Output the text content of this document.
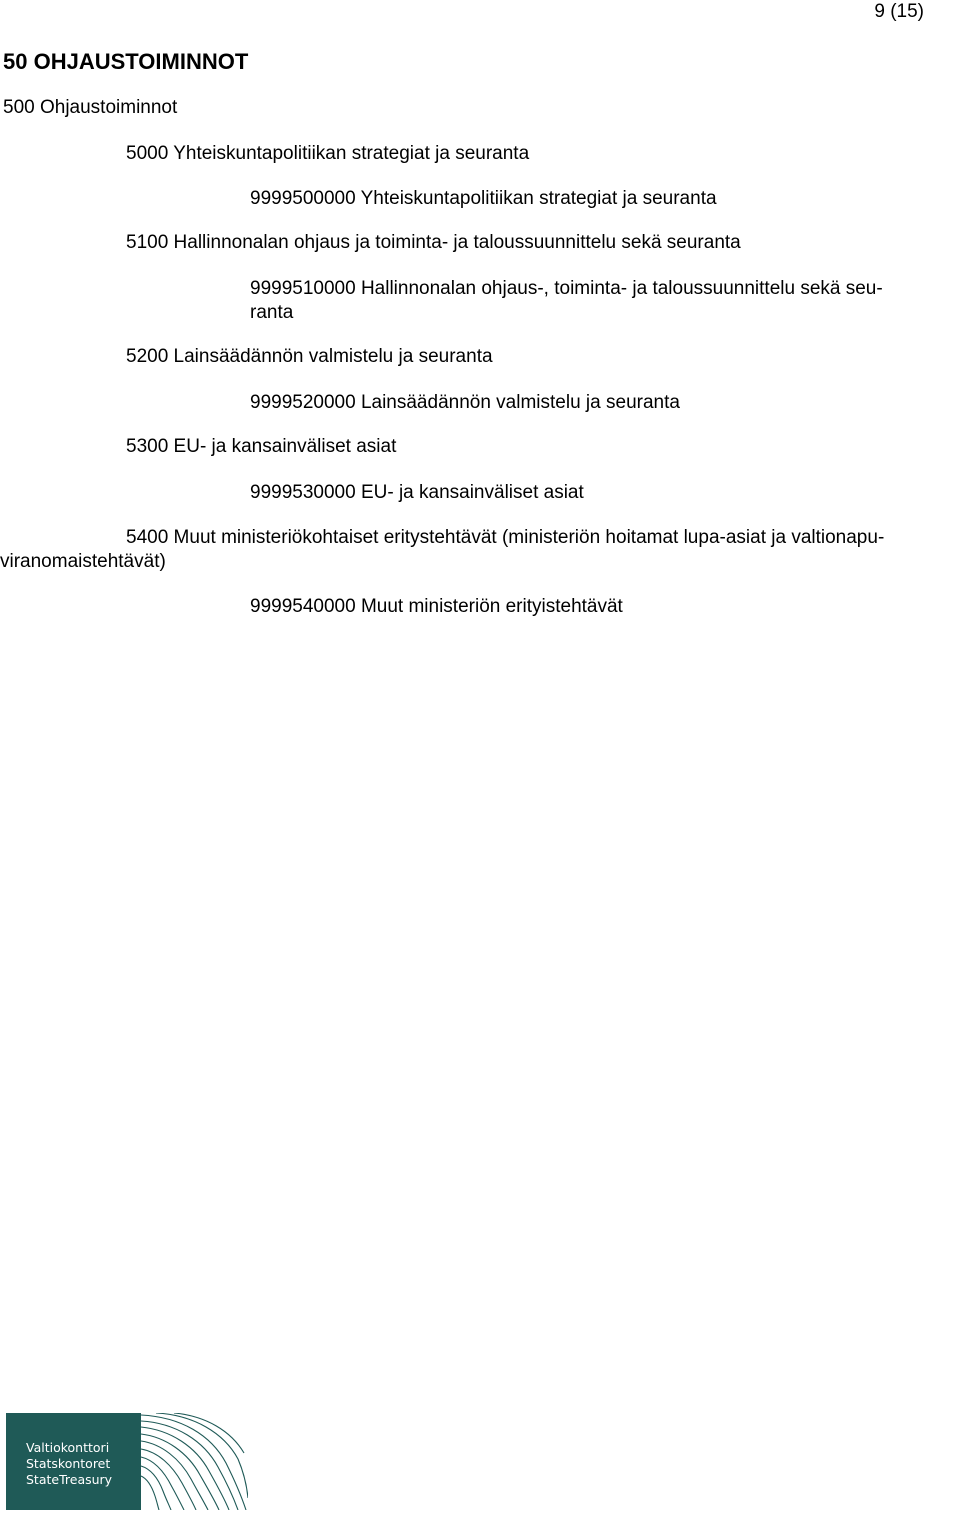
9 (15)
50 OHJAUSTOIMINNOT
500 Ohjaustoiminnot
5000 Yhteiskuntapolitiikan strategiat ja seuranta
9999500000 Yhteiskuntapolitiikan strategiat ja seuranta
5100 Hallinnonalan ohjaus ja toiminta- ja taloussuunnittelu sekä seuranta
9999510000 Hallinnonalan ohjaus-, toiminta- ja taloussuunnittelu sekä seu-
ranta
5200 Lainsäädännön valmistelu ja seuranta
9999520000 Lainsäädännön valmistelu ja seuranta
5300 EU- ja kansainväliset asiat
9999530000 EU- ja kansainväliset asiat
5400 Muut ministeriökohtaiset eritystehtävät (ministeriön hoitamat lupa-asiat ja valtionapu-
viranomaistehtävät)
9999540000 Muut ministeriön erityistehtävät
Valtiokonttori
Statskontoret
StateTreasury
